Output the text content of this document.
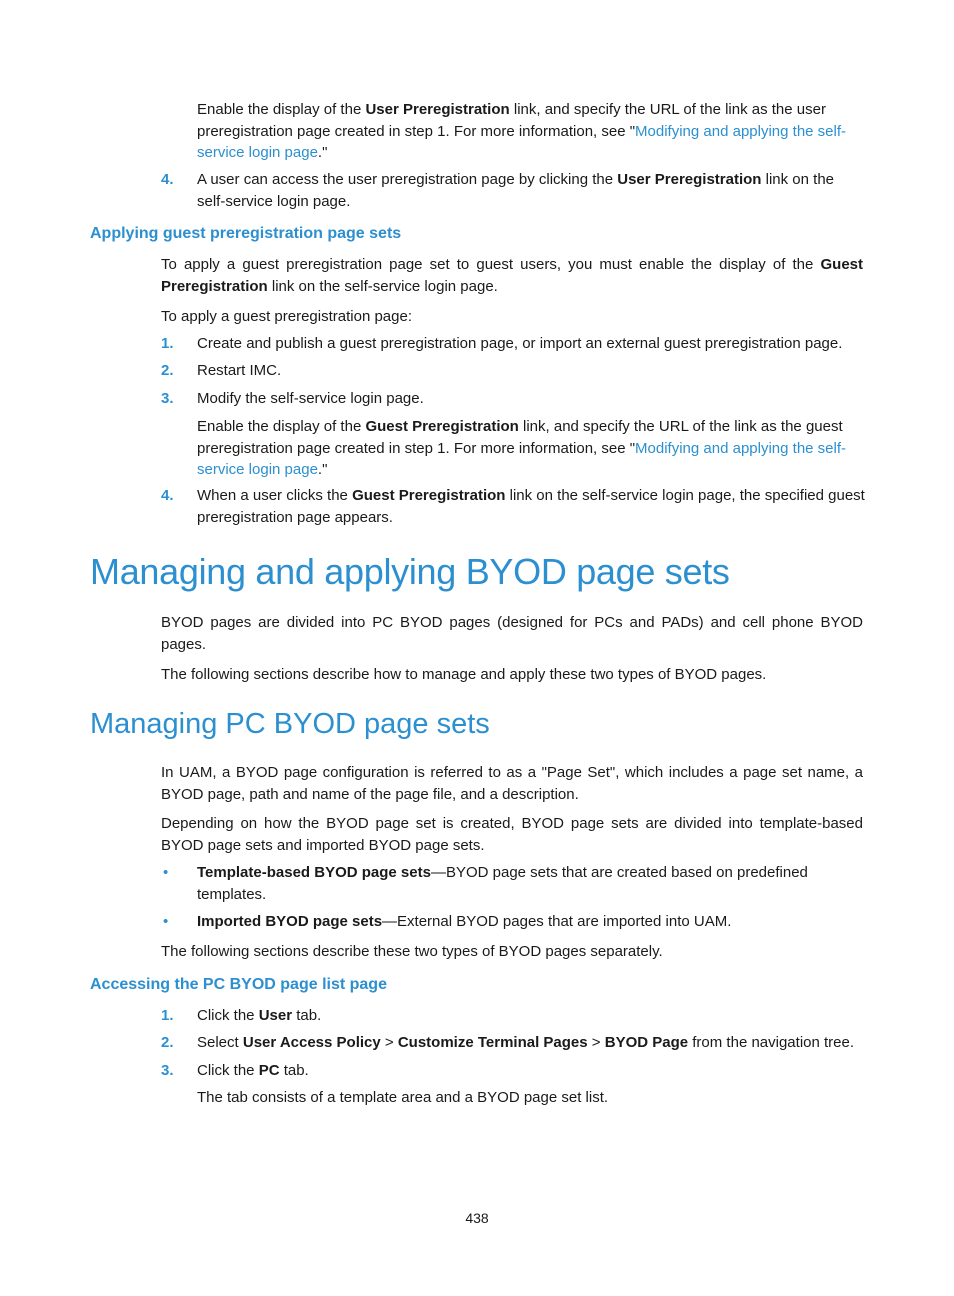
Enable the display of the User Preregistration link, and specify the URL of the link as the user preregistration page created in step 1. For more information, see "Modifying and applying the self-service login page."

4. A user can access the user preregistration page by clicking the User Preregistration link on the self-service login page.

Applying guest preregistration page sets

To apply a guest preregistration page set to guest users, you must enable the display of the Guest Preregistration link on the self-service login page.

To apply a guest preregistration page:

1. Create and publish a guest preregistration page, or import an external guest preregistration page.

2. Restart IMC.

3. Modify the self-service login page.

Enable the display of the Guest Preregistration link, and specify the URL of the link as the guest preregistration page created in step 1. For more information, see "Modifying and applying the self-service login page."

4. When a user clicks the Guest Preregistration link on the self-service login page, the specified guest preregistration page appears.

Managing and applying BYOD page sets

BYOD pages are divided into PC BYOD pages (designed for PCs and PADs) and cell phone BYOD pages.

The following sections describe how to manage and apply these two types of BYOD pages.

Managing PC BYOD page sets

In UAM, a BYOD page configuration is referred to as a "Page Set", which includes a page set name, a BYOD page, path and name of the page file, and a description.

Depending on how the BYOD page set is created, BYOD page sets are divided into template-based BYOD page sets and imported BYOD page sets.

• Template-based BYOD page sets—BYOD page sets that are created based on predefined templates.

• Imported BYOD page sets—External BYOD pages that are imported into UAM.

The following sections describe these two types of BYOD pages separately.

Accessing the PC BYOD page list page
1. Click the User tab.

2. Select User Access Policy > Customize Terminal Pages > BYOD Page from the navigation tree.

3. Click the PC tab.

The tab consists of a template area and a BYOD page set list.

438
